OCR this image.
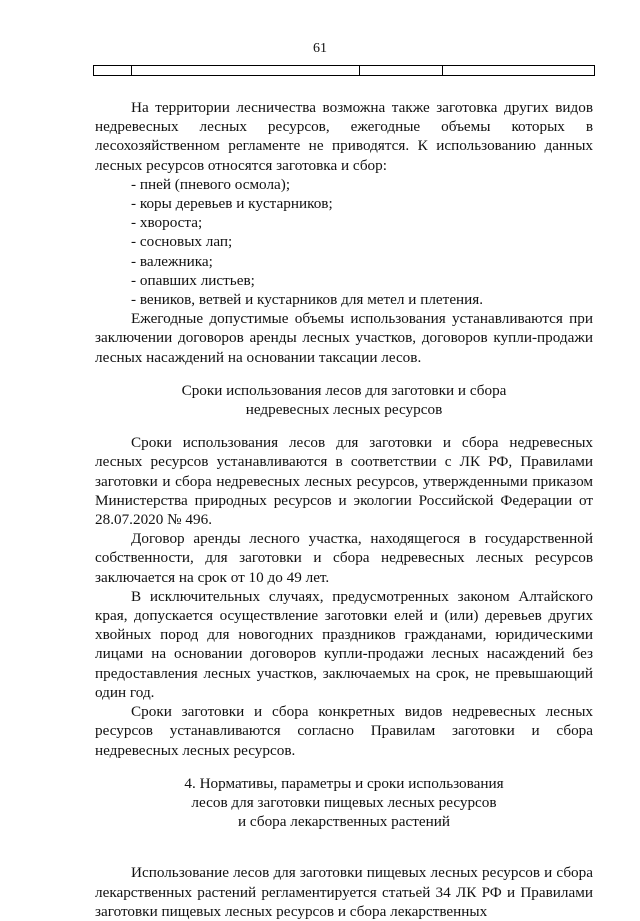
61

На территории лесничества возможна также заготовка других видов недревесных лесных ресурсов, ежегодные объемы которых в лесохозяйственном регламенте не приводятся. К использованию данных лесных ресурсов относятся заготовка и сбор:

- пней (пневого осмола);

- коры деревьев и кустарников;

- хвороста;

- сосновых лап;

- валежника;

- опавших листьев;

- веников, ветвей и кустарников для метел и плетения.

Ежегодные допустимые объемы использования устанавливаются при заключении договоров аренды лесных участков, договоров купли-продажи лесных насаждений на основании таксации лесов.

Сроки использования лесов для заготовки и сбора

недревесных лесных ресурсов

Сроки использования лесов для заготовки и сбора недревесных лесных ресурсов устанавливаются в соответствии с ЛК РФ, Правилами заготовки и сбора недревесных лесных ресурсов, утвержденными приказом Министерства природных ресурсов и экологии Российской Федерации от 28.07.2020 № 496.

Договор аренды лесного участка, находящегося в государственной собственности, для заготовки и сбора недревесных лесных ресурсов заключается на срок от 10 до 49 лет.

В исключительных случаях, предусмотренных законом Алтайского края, допускается осуществление заготовки елей и (или) деревьев других хвойных пород для новогодних праздников гражданами, юридическими лицами на основании договоров купли-продажи лесных насаждений без предоставления лесных участков, заключаемых на срок, не превышающий один год.

Сроки заготовки и сбора конкретных видов недревесных лесных ресурсов устанавливаются согласно Правилам заготовки и сбора недревесных лесных ресурсов.

4. Нормативы, параметры и сроки использования

лесов для заготовки пищевых лесных ресурсов

и сбора лекарственных растений

Использование лесов для заготовки пищевых лесных ресурсов и сбора лекарственных растений регламентируется статьей 34 ЛК РФ и Правилами заготовки пищевых лесных ресурсов и сбора лекарственных
